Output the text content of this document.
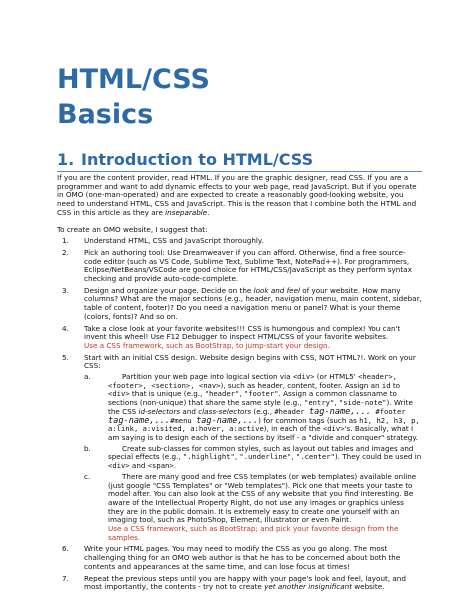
HTML/CSS
Basics
1. Introduction to HTML/CSS

If you are the content provider, read HTML. If you are the graphic designer, read CSS. If you are a programmer and want to add dynamic effects to your web page, read JavaScript. But if you operate in OMO (one-man-operated) and are expected to create a reasonably good-looking website, you need to understand HTML, CSS and JavaScript. This is the reason that I combine both the HTML and CSS in this article as they are inseparable.

To create an OMO website, I suggest that:

1. Understand HTML, CSS and JavaScript thoroughly.
2. Pick an authoring tool: Use Dreamweaver if you can afford. Otherwise, find a free source-code editor (such as VS Code, Sublime Text, Sublime Text, NotePad++). For programmers, Eclipse/NetBeans/VSCode are good choice for HTML/CSS/JavaScript as they perform syntax checking and provide auto-code-complete.
3. Design and organize your page. Decide on the look and feel of your website. How many columns? What are the major sections (e.g., header, navigation menu, main content, sidebar, table of content, footer)? Do you need a navigation menu or panel? What is your theme (colors, fonts)? And so on.
4. Take a close look at your favorite websites!!! CSS is humongous and complex! You can't invent this wheel! Use F12 Debugger to inspect HTML/CSS of your favorite websites.
Use a CSS framework, such as BootStrap, to jump-start your design.
5. Start with an initial CSS design. Website design begins with CSS, NOT HTML?!. Work on your CSS:
a.	Partition your web page into logical section via <div> (or HTML5' <header>, <footer>, <section>, <nav>), such as header, content, footer. Assign an id to <div> that is unique (e.g., "header", "footer". Assign a common classname to sections (non-unique) that share the same style (e.g., "entry", "side-note"). Write the CSS id-selectors and class-selectors (e.g., #header tag-name,... #footer tag-name,...#menu tag-name,...) for common tags (such as h1, h2, h3, p, a:link, a:visited, a:hover, a:active), in each of the <div>'s. Basically, what I am saying is to design each of the sections by itself - a "divide and conquer" strategy.
b.	Create sub-classes for common styles, such as layout out tables and images and special effects (e.g., ".highlight", ".underline", ".center"). They could be used in <div> and <span>.
c.	There are many good and free CSS templates (or web templates) available online (just google "CSS Templates" or "Web templates"). Pick one that meets your taste to model after. You can also look at the CSS of any website that you find interesting. Be aware of the Intellectual Property Right, do not use any images or graphics unless they are in the public domain. It is extremely easy to create one yourself with an imaging tool, such as PhotoShop, Element, Illustrator or even Paint.
Use a CSS framework, such as BootStrap; and pick your favorite design from the samples.
6. Write your HTML pages. You may need to modify the CSS as you go along. The most challenging thing for an OMO web author is that he has to be concerned about both the contents and appearances at the same time, and can lose focus at times!
7. Repeat the previous steps until you are happy with your page's look and feel, layout, and most importantly, the contents - try not to create yet another insignificant website.
